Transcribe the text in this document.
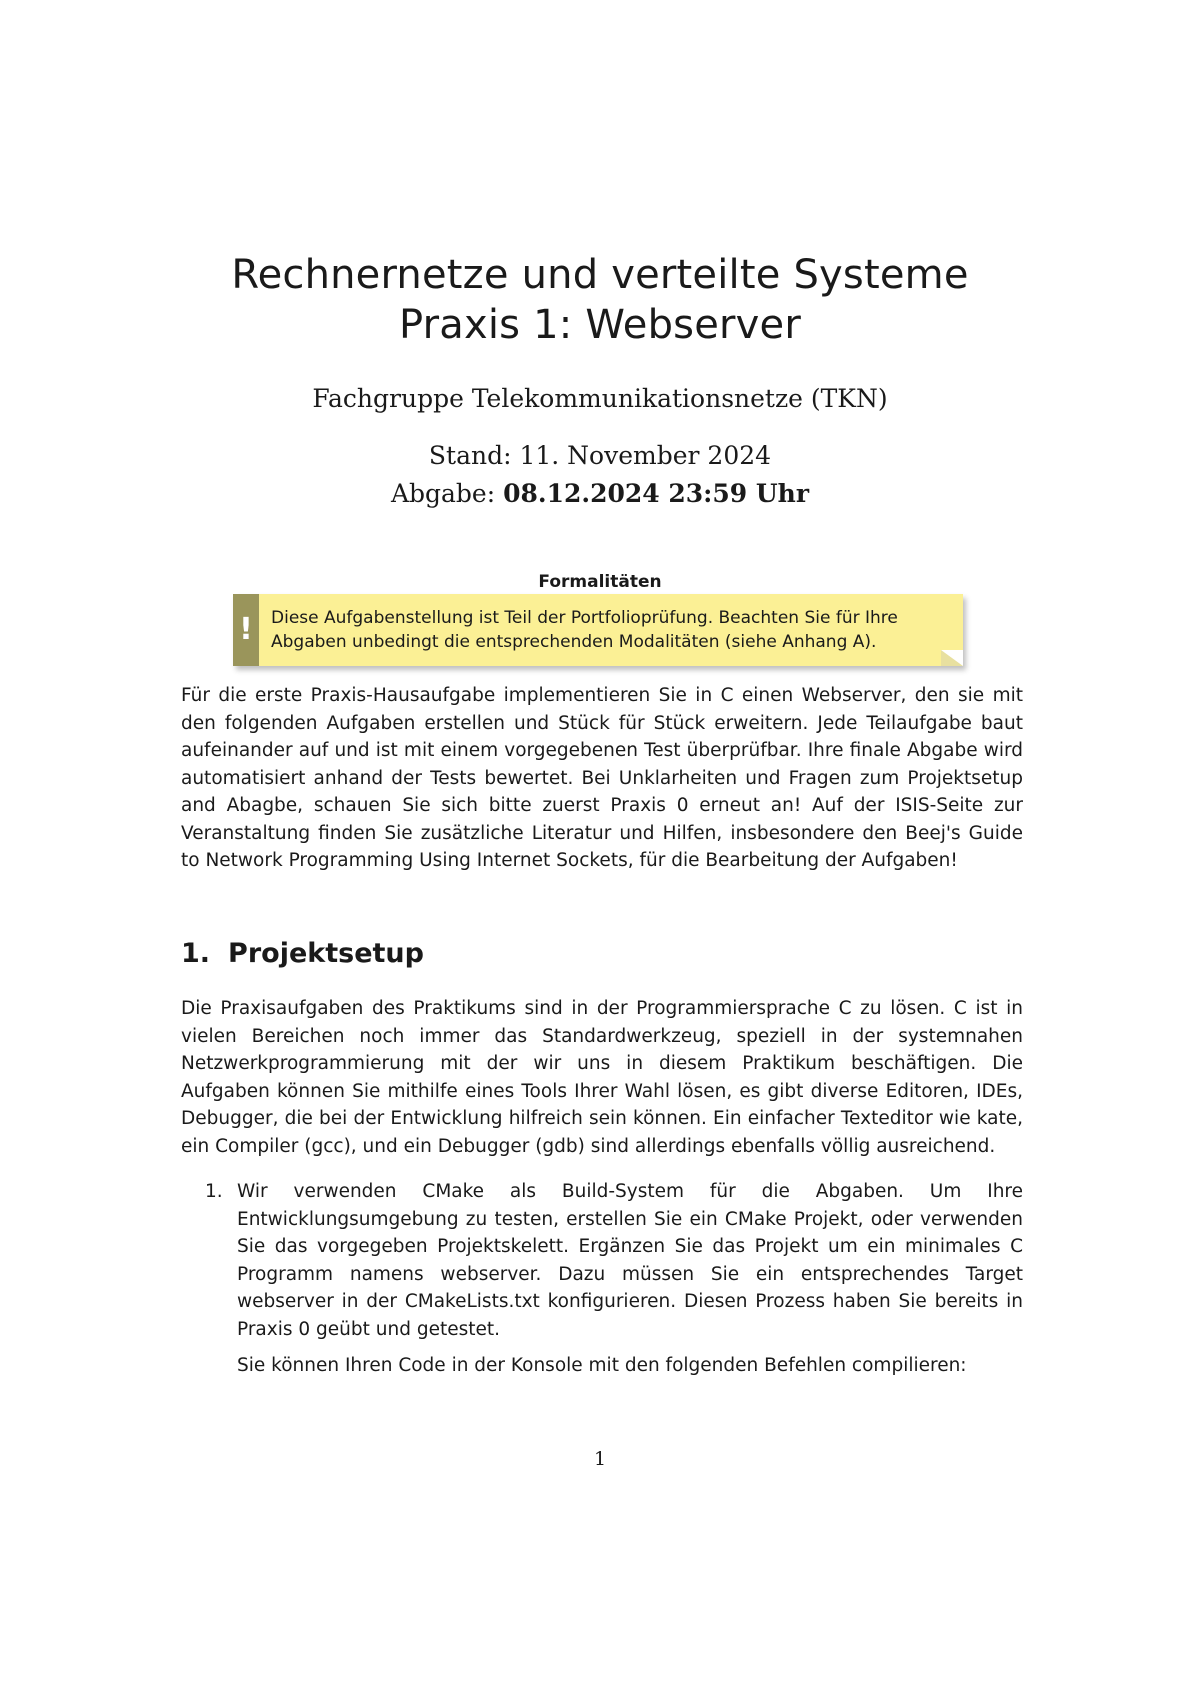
Rechnernetze und verteilte Systeme
Praxis 1: Webserver
Fachgruppe Telekommunikationsnetze (TKN)
Stand: 11. November 2024
Abgabe: 08.12.2024 23:59 Uhr
Formalitäten
!	Diese Aufgabenstellung ist Teil der Portfolioprüfung. Beachten Sie für Ihre Abgaben unbedingt die entsprechenden Modalitäten (siehe Anhang A).
Für die erste Praxis-Hausaufgabe implementieren Sie in C einen Webserver, den sie mit den folgenden Aufgaben erstellen und Stück für Stück erweitern. Jede Teilaufgabe baut aufeinander auf und ist mit einem vorgegebenen Test überprüfbar. Ihre finale Abgabe wird automatisiert anhand der Tests bewertet. Bei Unklarheiten und Fragen zum Projektsetup and Abagbe, schauen Sie sich bitte zuerst Praxis 0 erneut an! Auf der ISIS-Seite zur Veranstaltung finden Sie zusätzliche Literatur und Hilfen, insbesondere den Beej's Guide to Network Programming Using Internet Sockets, für die Bearbeitung der Aufgaben!
1. Projektsetup
Die Praxisaufgaben des Praktikums sind in der Programmiersprache C zu lösen. C ist in vielen Bereichen noch immer das Standardwerkzeug, speziell in der systemnahen Netzwerkprogrammierung mit der wir uns in diesem Praktikum beschäftigen. Die Aufgaben können Sie mithilfe eines Tools Ihrer Wahl lösen, es gibt diverse Editoren, IDEs, Debugger, die bei der Entwicklung hilfreich sein können. Ein einfacher Texteditor wie kate, ein Compiler (gcc), und ein Debugger (gdb) sind allerdings ebenfalls völlig ausreichend.
1. Wir verwenden CMake als Build-System für die Abgaben. Um Ihre Entwicklungsumgebung zu testen, erstellen Sie ein CMake Projekt, oder verwenden Sie das vorgegeben Projektskelett. Ergänzen Sie das Projekt um ein minimales C Programm namens webserver. Dazu müssen Sie ein entsprechendes Target webserver in der CMakeLists.txt konfigurieren. Diesen Prozess haben Sie bereits in Praxis 0 geübt und getestet.
Sie können Ihren Code in der Konsole mit den folgenden Befehlen compilieren:
1
